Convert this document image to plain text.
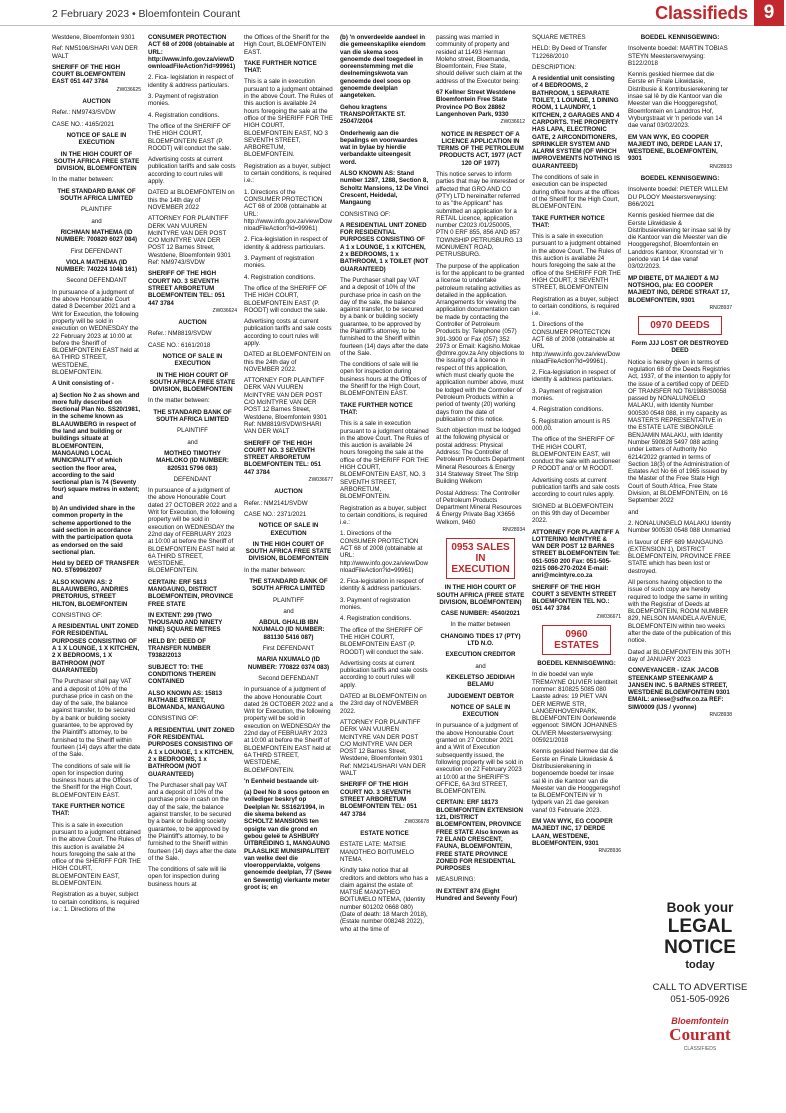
2 February 2023 • Bloemfontein Courant	Classifieds 9

Westdene, Bloemfontein 9301

Ref: NM5106/SHARI VAN DER WALT

SHERIFF OF THE HIGH COURT BLOEMFONTEIN EAST 051 447 3784

ZW036625

AUCTION

Refer.: NM9743/SVDW

CASE NO.: 4165/2021

NOTICE OF SALE IN EXECUTION

IN THE HIGH COURT OF SOUTH AFRICA FREE STATE DIVISION, BLOEMFONTEIN

In the matter between:

THE STANDARD BANK OF SOUTH AFRICA LIMITED

PLAINTIFF

and

RICHMAN MATHEMA (ID NUMBER: 700820 6027 084)

First DEFENDANT

VIOLA MATHEMA (ID NUMBER: 740224 1048 161)

Second DEFENDANT

In pursuance of a judgment of the above Honourable Court dated 8 December 2021 and a Writ for Execution, the following property will be sold in execution on WEDNESDAY the 22 February 2023 at 10:00 at before the Sheriff of BLOEMFONTEIN EAST held at 6A THIRD STREET, WESTDENE, BLOEMFONTEIN.

A Unit consisting of -

a) Section No 2 as shown and more fully described on Sectional Plan No. SS20/1981, in the scheme known as BLAAUWBERG in respect of the land and building or buildings situate at BLOEMFONTEIN, MANGAUNG LOCAL MUNICIPALITY of which section the floor area, according to the said sectional plan is 74 (Seventy four) square metres in extent; and

b) An undivided share in the common property in the scheme apportioned to the said section in accordance with the participation quota as endorsed on the said sectional plan.

Held by DEED OF TRANSFER NO. ST6996/2007

ALSO KNOWN AS: 2 BLAAUWBERG, ANDRIES PRETORIUS, STREET HILTON, BLOEMFONTEIN

CONSISTING OF:

A RESIDENTIAL UNIT ZONED FOR RESIDENTIAL PURPOSES CONSISTING OF A 1 X LOUNGE, 1 X KITCHEN, 2 X BEDROOMS, 1 X BATHROOM (NOT GUARANTEED)

The Purchaser shall pay VAT and a deposit of 10% of the purchase price in cash on the day of the sale, the balance against transfer, to be secured by a bank or building society guarantee, to be approved by the Plaintiff's attorney, to be furnished to the Sheriff within fourteen (14) days after the date of the Sale.

The conditions of sale will lie open for inspection during business hours at the Offices of the Sheriff for the High Court, BLOEMFONTEIN EAST.

TAKE FURTHER NOTICE THAT:

This is a sale in execution pursuant to a judgment obtained in the above Court. The Rules of this auction is available 24 hours foregoing the sale at the office of the SHERIFF FOR THE HIGH COURT, BLOEMFONTEIN EAST, BLOEMFONTEIN.

Registration as a buyer, subject to certain conditions, is required i.e.: 1. Directions of the

CONSUMER PROTECTION ACT 68 of 2008 (obtainable at URL: http://www.info.gov.za/view/DownloadFileAction?id=99961)

2. Fica- legislation in respect of identity & address particulars.

3. Payment of registration monies.

4. Registration conditions.

The office of the SHERIFF OF THE HIGH COURT, BLOEMFONTEIN EAST (P. ROODT) will conduct the sale.

Advertising costs at current publication tariffs and sale costs according to court rules will apply.

DATED at BLOEMFONTEIN on this the 14th day of NOVEMBER 2022

ATTORNEY FOR PLAINTIFF DERK VAN VUUREN McINTYRE VAN DER POST C/O McINTYRE VAN DER POST 12 Barnes Street, Westdene, Bloemfontein 9301 Ref: NM9743/SVDW

SHERIFF OF THE HIGH COURT NO. 3 SEVENTH STREET ARBORETUM BLOEMFONTEIN TEL: 051 447 3784

ZW036624

AUCTION

Refer.: NM8819/SVDW

CASE NO.: 6161/2018

NOTICE OF SALE IN EXECUTION

IN THE HIGH COURT OF SOUTH AFRICA FREE STATE DIVISION, BLOEMFONTEIN

In the matter between:

THE STANDARD BANK OF SOUTH AFRICA LIMITED

PLAINTIFF

and

MOTHEO TIMOTHY MAHLOKO (ID NUMBER: 820531 5796 083)

DEFENDANT

In pursuance of a judgment of the above Honourable Court dated 27 OCTOBER 2022 and a Writ for Execution, the following property will be sold in execution on WEDNESDAY the 22nd day of FEBRUARY 2023 at 10:00 at before the Sheriff of BLOEMFONTEIN EAST held at 6A THIRD STREET, WESTDENE, BLOEMFONTEIN.

CERTAIN: ERF 5813 MANGAUNG, DISTRICT BLOEMFONTEIN, PROVINCE FREE STATE

IN EXTENT: 299 (TWO THOUSAND AND NINETY NINE) SQUARE METRES

HELD BY: DEED OF TRANSFER NUMBER T9382/2013

SUBJECT TO: THE CONDITIONS THEREIN CONTAINED

ALSO KNOWN AS: 15813 RATHABE STREET, BLOMANDA, MANGAUNG

CONSISTING OF:

A RESIDENTIAL UNIT ZONED FOR RESIDENTIAL PURPOSES CONSISTING OF A 1 x LOUNGE, 1 x KITCHEN, 2 x BEDROOMS, 1 x BATHROOM (NOT GUARANTEED)

The Purchaser shall pay VAT and a deposit of 10% of the purchase price in cash on the day of the sale, the balance against transfer, to be secured by a bank or building society guarantee, to be approved by the Plaintiff's attorney, to be furnished to the Sheriff within fourteen (14) days after the date of the Sale.

The conditions of sale will lie open for inspection during business hours at

the Offices of the Sheriff for the High Court, BLOEMFONTEIN EAST.

TAKE FURTHER NOTICE THAT:

This is a sale in execution pursuant to a judgment obtained in the above Court. The Rules of this auction is available 24 hours foregoing the sale at the office of the SHERIFF FOR THE HIGH COURT, BLOEMFONTEIN EAST, NO 3 SEVENTH STREET, ARBORETUM, BLOEMFONTEIN.

Registration as a buyer, subject to certain conditions, is required i.e.:

1. Directions of the CONSUMER PROTECTION ACT 68 of 2008 (obtainable at URL: http://www.info.gov.za/view/DownloadFileAction?id=99961)

2. Fica-legislation in respect of identity & address particulars.

3. Payment of registration monies.

4. Registration conditions.

The office of the SHERIFF OF THE HIGH COURT, BLOEMFONTEIN EAST (P. ROODT) will conduct the sale.

Advertising costs at current publication tariffs and sale costs according to court rules will apply.

DATED at BLOEMFONTEIN on this the 24th day of NOVEMBER 2022.

ATTORNEY FOR PLAINTIFF DERK VAN VUUREN McINTYRE VAN DER POST C/O McINTYRE VAN DER POST 12 Barnes Street, Westdene, Bloemfontein 9301 Ref: NM8819/SVDW/SHARI VAN DER WALT

SHERIFF OF THE HIGH COURT NO. 3 SEVENTH STREET ARBORETUM BLOEMFONTEIN TEL: 051 447 3784

ZW036677

AUCTION

Refer.: NM2141/SVDW

CASE NO.: 2371/2021

NOTICE OF SALE IN EXECUTION

IN THE HIGH COURT OF SOUTH AFRICA FREE STATE DIVISION, BLOEMFONTEIN

In the matter between:

THE STANDARD BANK OF SOUTH AFRICA LIMITED

PLAINTIFF

and

ABDUL GHALIB IBN NXUMALO (ID NUMBER: 881130 5416 087)

First DEFENDANT

MARIA NXUMALO (ID NUMBER: 770822 0374 083)

Second DEFENDANT

In pursuance of a judgment of the above Honourable Court dated 26 OCTOBER 2022 and a Writ for Execution, the following property will be sold in execution on WEDNESDAY the 22nd day of FEBRUARY 2023 at 10:00 at before the Sheriff of BLOEMFONTEIN EAST held at 6A THIRD STREET, WESTDENE, BLOEMFONTEIN.

'n Eenheid bestaande uit-

(a) Deel No 8 soos getoon en vollediger beskryf op Deelplan Nr. SS162/1994, in die skema bekend as SCHOLTZ MANSIONS ten opsigte van die grond en gebou geleë te ASHBURY UITBREIDING 1, MANGAUNG PLAASLIKE MUNISIPALITEIT van welke deel die vloeroppervlakte, volgens genoemde deelplan, 77 (Sewe en Sewentig) vierkante meter groot is; en

(b) 'n onverdeelde aandeel in die gemeenskaplike eiendom van die skema soos genoemde deel toegedeel in ooreenstemming met die deelnemingskwota van genoemde deel soos op genoemde deelplan aangeteken.

Gehou kragtens TRANSPORTAKTE ST. 25047/2004

Onderhewig aan die bepalings en voorwaardes wat in bylae by hierdie verbandakte uiteengesit word.

ALSO KNOWN AS: Stand number 1287, 1288, Section 8, Scholtz Mansions, 12 De Vinci Crescent, Heidedal, Mangaung

CONSISTING OF:

A RESIDENTIAL UNIT ZONED FOR RESIDENTIAL PURPOSES CONSISTING OF A 1 x LOUNGE, 1 x KITCHEN, 2 x BEDROOMS, 1 x BATHROOM, 1 x TOILET (NOT GUARANTEED)

The Purchaser shall pay VAT and a deposit of 10% of the purchase price in cash on the day of the sale, the balance against transfer, to be secured by a bank or building society guarantee, to be approved by the Plaintiff's attorney, to be furnished to the Sheriff within fourteen (14) days after the date of the Sale.

The conditions of sale will lie open for inspection during business hours at the Offices of the Sheriff for the High Court, BLOEMFONTEIN EAST.

TAKE FURTHER NOTICE THAT:

This is a sale in execution pursuant to a judgment obtained in the above Court. The Rules of this auction is available 24 hours foregoing the sale at the office of the SHERIFF FOR THE HIGH COURT, BLOEMFONTEIN EAST, NO. 3 SEVENTH STREET, ARBORETUM, BLOEMFONTEIN.

Registration as a buyer, subject to certain conditions, is required i.e.:

1. Directions of the CONSUMER PROTECTION ACT 68 of 2008 (obtainable at URL: http://www.info.gov.za/view/DownloadFileAction?id=99961)

2. Fica-legislation in respect of identity & address particulars.

3. Payment of registration monies.

4. Registration conditions.

The office of the SHERIFF OF THE HIGH COURT, BLOEMFONTEIN EAST (P. ROODT) will conduct the sale.

Advertising costs at current publication tariffs and sale costs according to court rules will apply.

DATED at BLOEMFONTEIN on the 23rd day of NOVEMBER 2022.

ATTORNEY FOR PLAINTIFF DERK VAN VUUREN McINTYRE VAN DER POST C/O McINTYRE VAN DER POST 12 Barnes Street, Westdene, Bloemfontein 9301 Ref: NM2141/SHARI VAN DER WALT

SHERIFF OF THE HIGH COURT NO. 3 SEVENTH STREET ARBORETUM BLOEMFONTEIN TEL: 051 447 3784

ZW036678

ESTATE NOTICE

ESTATE LATE: MATSIE MANOTHEO BOITUMELO NTEMA

Kindly take notice that all creditors and debtors who has a claim against the estate of: MATSIE MANOTHEO BOITUMELO NTEMA, (Identity number 601202 0668 080) (Date of death: 18 March 2018), (Estate number 008248 2022), who at the time of

passing was married in community of property and resided at 11493 Herman Moleho street, Bloemanda, Bloemfontein, Free State, should deliver such claim at the address of the Executor being:

67 Kellner Street Westdene Bloemfontein Free State Province PO Box 28862 Langenhoven Park, 9330

ZW036612

NOTICE IN RESPECT OF A LICENCE APPLICATION IN TERMS OF THE PETROLEUM PRODUCTS ACT, 1977 (ACT 120 OF 1977)

This notice serves to inform parties that may be interested or affected that GRO AND CO (PTY) LTD hereinafter referred to as "the Applicant" has submitted an application for a RETAIL Licence, application number C2023 /01/250005, PTN 0 ERF 855, 856 AND 857 TOWNSHIP PETRUSBURG 13 MONUMENT ROAD, PETRUSBURG.

The purpose of the application is for the applicant to be granted a license to undertake petroleum retailing activities as detailed in the application. Arrangements for viewing the application documentation can be made by contacting the Controller of Petroleum Products by: Telephone (057) 391-3900 or Fax (057) 352 2973 or Email: Kagisho.Mokae @dmre.gov.za Any objections to the issuing of a licence in respect of this application, which must clearly quote the application number above, must be lodged with the Controller of Petroleum Products within a period of twenty (20) working days from the date of publication of this notice.

Such objection must be lodged at the following physical or postal address: Physical Address: The Controller of Petroleum Products Department Mineral Resources & Energy 314 Stateway Street The Strip Building Welkom

Postal Address: The Controller of Petroleum Products Department Mineral Resources & Energy Private Bag X3656 Welkom, 9460

RN/28934

0953 SALES IN EXECUTION

IN THE HIGH COURT OF SOUTH AFRICA (FREE STATE DIVISION, BLOEMFONTEIN)

CASE NUMBER: 4540/2021

In the matter between

CHANGING TIDES 17 (PTY) LTD N.O.

EXECUTION CREDITOR

and

KEKELETSO JEDIDIAH BELAMU

JUDGEMENT DEBTOR

NOTICE OF SALE IN EXECUTION

In pursuance of a judgment of the above Honourable Court granted on 27 October 2021 and a Writ of Execution subsequently issued, the following property will be sold in execution on 22 February 2023 at 10:00 at the SHERIFF'S OFFICE, 6A 3rd STREET, BLOEMFONTEIN.

CERTAIN: ERF 18173 BLOEMFONTEIN EXTENSION 121, DISTRICT BLOEMFONTEIN, PROVINCE FREE STATE Also known as 72 ELAND CRESCENT, FAUNA, BLOEMFONTEIN, FREE STATE PROVINCE ZONED FOR RESIDENTIAL PURPOSES

MEASURING:

IN EXTENT 874 (Eight Hundred and Seventy Four)

SQUARE METRES

HELD: By Deed of Transfer T12268/2010

DESCRIPTION:

A residential unit consisting of 4 BEDROOMS, 2 BATHROOM, 1 SEPARATE TOILET, 1 LOUNGE, 1 DINING ROOM, 1 LAUNDRY, 1 KITCHEN, 2 GARAGES AND 4 CARPORTS. THE PROPERTY HAS LAPA, ELECTRONIC GATE, 2 AIRCONDITIONERS, SPRINKLER SYSTEM AND ALARM SYSTEM (OF WHICH IMPROVEMENTS NOTHING IS GUARANTEED)

The conditions of sale in execution can be inspected during office hours at the offices of the Sheriff for the High Court, BLOEMFONTEIN.

TAKE FURTHER NOTICE THAT:

This is a sale in execution pursuant to a judgment obtained in the above Court. The Rules of this auction is available 24 hours foregoing the sale at the office of the SHERIFF FOR THE HIGH COURT, 3 SEVENTH STREET, BLOEMFONTEIN

Registration as a buyer, subject to certain conditions, is required i.e.

1. Directions of the CONSUMER PROTECTION ACT 68 of 2008 (obtainable at URL http://www.info.gov.za/view/DownloadFileAction?id=99961).

2. Fica-legislation in respect of identity & address particulars.

3. Payment of registration monies.

4. Registration conditions.

5. Registration amount is R5 000,00.

The office of the SHERIFF OF THE HIGH COURT, BLOEMFONTEIN EAST, will conduct the sale with auctioneer P ROODT and/ or M ROODT.

Advertising costs at current publication tariffs and sale costs according to court rules apply.

SIGNED at BLOEMFONTEIN on this 9th day of December 2022.

ATTORNEY FOR PLAINTIFF A LOTTERING McINTYRE & VAN DER POST 12 BARNES STREET BLOEMFONTEIN Tel: 051-5050 200 Fax: 051-505-0215 086-270-2024 E-mail: anri@mcintyre.co.za

SHERIFF OF THE HIGH COURT 3 SEVENTH STREET BLOEMFONTEIN TEL NO.: 051 447 3784

ZW036671

0960 ESTATES

BOEDEL KENNISGEWING:

In die boedel van wyle TREMAYNE OLIVIER Identiteit nommer: 810825 5085 080 Laaste adres: 19 PIET VAN DER MERWE STR, LANGENHOVENPARK, BLOEMFONTEIN Oorlewende eggenoot: SIMON JOHANNES OLIVIER Meestersverwysing: 005921/2018

Kennis geskied hiermee dat die Eerste en Finale Likwidasie & Distribusierekening in bogenoemde boedel ter insae sal lê in die Kantoor van die Meester van die Hooggeregshof te BLOEMFONTEIN vir 'n tydperk van 21 dae gereken vanaf 03 Februarie 2023.

EM VAN WYK, EG COOPER MAJIEDT INC, 17 DERDE LAAN, WESTDENE, BLOEMFONTEIN, 9301

RN/28936

BOEDEL KENNISGEWING:

Insolvente boedel: MARTIN TOBIAS STEYN Meestersverwysing: B122/2018

Kennis geskied hiermee dat die Eerste en Finale Likwidasie, Distribusie & Kontribusierekening ter insae sal lê by die Kantoor van die Meester van die Hooggeregshof, Bloemfontein en Landdros Hof, Vryburgstraat vir 'n periode van 14 dae vanaf 03/02/2023.

EM VAN WYK, EG COOPER MAJIEDT ING, DERDE LAAN 17, WESTDENE, BLOEMFONTEIN, 9301

RN/28933

BOEDEL KENNISGEWING:

Insolvente boedel: PIETER WILLEM DU PLOOY Meestersverwysing: B66/2021

Kennis geskied hiermee dat die Eerste Likwidasie & Distribusierekening ter insae sal lê by die Kantoor van die Meester van die Hooggeregshof, Bloemfontein en Landdros Kantoor, Kroonstad vir 'n periode van 14 dae vanaf 03/02/2023.

MP DIBETE, DT MAJIEDT & MJ NOTSHOG, p/a: EG COOPER MAJIEDT ING, DERDE STRAAT 17, BLOEMFONTEIN, 9301

RN/28937

0970 DEEDS

Form JJJ LOST OR DESTROYED DEED

Notice is hereby given in terms of regulation 68 of the Deeds Registries Act, 1937, of the intention to apply for the issue of a certified copy of DEED OF TRANSFER NO T6/1988/S0058 passed by NONALUNGELO MALAKU, with Identity Number 900530 0548 088, in my capacity as MASTER'S REPRESENTATIVE in the ESTATE LATE SIBONGILE BENJAMIN MALAKU, with Identity Number 590828 5497 088 acting under Letters of Authority No 6214/2022 granted in terms of Section 18(3) of the Administration of Estates Act No 66 of 1965 issued by the Master of the Free State High Court of South Africa, Free State Division, at BLOEMFONTEIN, on 16 September 2022

and

2. NONALUNGELO MALAKU Identity Number 900530 0548 088 Unmarried

in favour of ERF 689 MANGAUNG (EXTENSION 1), DISTRICT BLOEMFONTEIN, PROVINCE FREE STATE which has been lost or destroyed.

All persons having objection to the issue of such copy are hereby required to lodge the same in writing with the Registrar of Deeds at BLOEMFONTEIN, ROOM NUMBER 829, NELSON MANDELA AVENUE, BLOEMFONTEIN within two weeks after the date of the publication of this notice.

Dated at BLOEMFONTEIN this 30TH day of JANUARY 2023

CONVEYANCER - IZAK JACOB STEENKAMP STEENKAMP & JANSEN INC. 5 BARNES STREET, WESTDENE BLOEMFONTEIN 9301 EMAIL: aniese@sdfw.co.za REF: SIM/0009 (IJS / yvonne)

RN/28938

Book your
LEGAL
NOTICE
today
CALL TO ADVERTISE
051-505-0926
Bloemfontein
Courant
CLASSIFIEDS
